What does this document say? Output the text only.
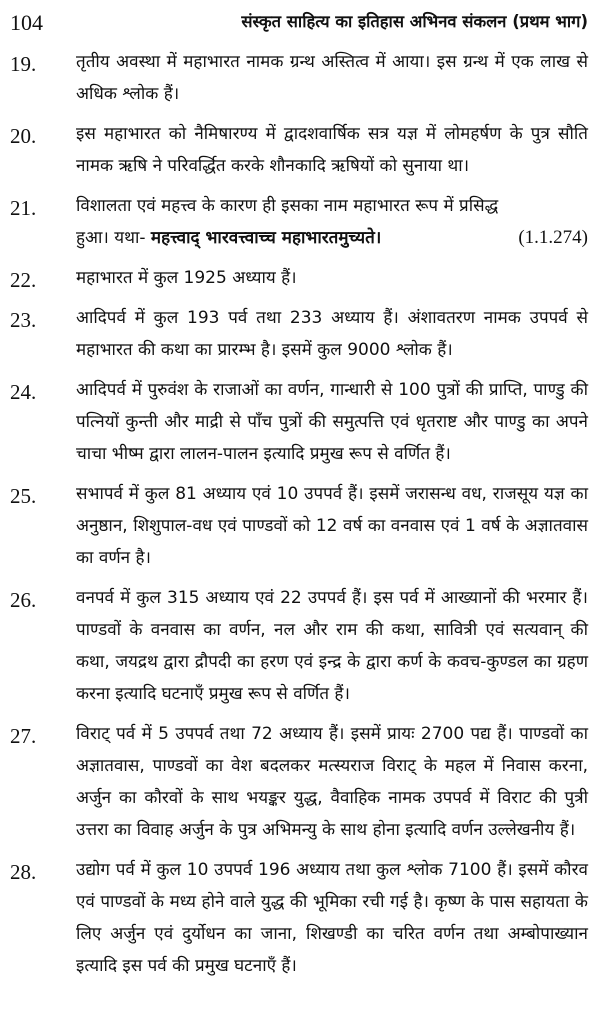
104	संस्कृत साहित्य का इतिहास अभिनव संकलन (प्रथम भाग)
19. तृतीय अवस्था में महाभारत नामक ग्रन्थ अस्तित्व में आया। इस ग्रन्थ में एक लाख से अधिक श्लोक हैं।
20. इस महाभारत को नैमिषारण्य में द्वादशवार्षिक सत्र यज्ञ में लोमहर्षण के पुत्र सौति नामक ऋषि ने परिवर्द्धित करके शौनकादि ऋषियों को सुनाया था।
21. विशालता एवं महत्त्व के कारण ही इसका नाम महाभारत रूप में प्रसिद्ध
हुआ। यथा- महत्त्वाद् भारवत्त्वाच्च महाभारतमुच्यते।	(1.1.274)
22. महाभारत में कुल 1925 अध्याय हैं।
23. आदिपर्व में कुल 193 पर्व तथा 233 अध्याय हैं। अंशावतरण नामक उपपर्व से महाभारत की कथा का प्रारम्भ है। इसमें कुल 9000 श्लोक हैं।
24. आदिपर्व में पुरुवंश के राजाओं का वर्णन, गान्धारी से 100 पुत्रों की प्राप्ति, पाण्डु की पत्नियों कुन्ती और माद्री से पाँच पुत्रों की समुत्पत्ति एवं धृतराष्ट और पाण्डु का अपने चाचा भीष्म द्वारा लालन-पालन इत्यादि प्रमुख रूप से वर्णित हैं।
25. सभापर्व में कुल 81 अध्याय एवं 10 उपपर्व हैं। इसमें जरासन्ध वध, राजसूय यज्ञ का अनुष्ठान, शिशुपाल-वध एवं पाण्डवों को 12 वर्ष का वनवास एवं 1 वर्ष के अज्ञातवास का वर्णन है।
26. वनपर्व में कुल 315 अध्याय एवं 22 उपपर्व हैं। इस पर्व में आख्यानों की भरमार हैं। पाण्डवों के वनवास का वर्णन, नल और राम की कथा, सावित्री एवं सत्यवान् की कथा, जयद्रथ द्वारा द्रौपदी का हरण एवं इन्द्र के द्वारा कर्ण के कवच-कुण्डल का ग्रहण करना इत्यादि घटनाएँ प्रमुख रूप से वर्णित हैं।
27. विराट् पर्व में 5 उपपर्व तथा 72 अध्याय हैं। इसमें प्रायः 2700 पद्य हैं। पाण्डवों का अज्ञातवास, पाण्डवों का वेश बदलकर मत्स्यराज विराट् के महल में निवास करना, अर्जुन का कौरवों के साथ भयङ्कर युद्ध, वैवाहिक नामक उपपर्व में विराट की पुत्री उत्तरा का विवाह अर्जुन के पुत्र अभिमन्यु के साथ होना इत्यादि वर्णन उल्लेखनीय हैं।
28. उद्योग पर्व में कुल 10 उपपर्व 196 अध्याय तथा कुल श्लोक 7100 हैं। इसमें कौरव एवं पाण्डवों के मध्य होने वाले युद्ध की भूमिका रची गई है। कृष्ण के पास सहायता के लिए अर्जुन एवं दुर्योधन का जाना, शिखण्डी का चरित वर्णन तथा अम्बोपाख्यान इत्यादि इस पर्व की प्रमुख घटनाएँ हैं।
